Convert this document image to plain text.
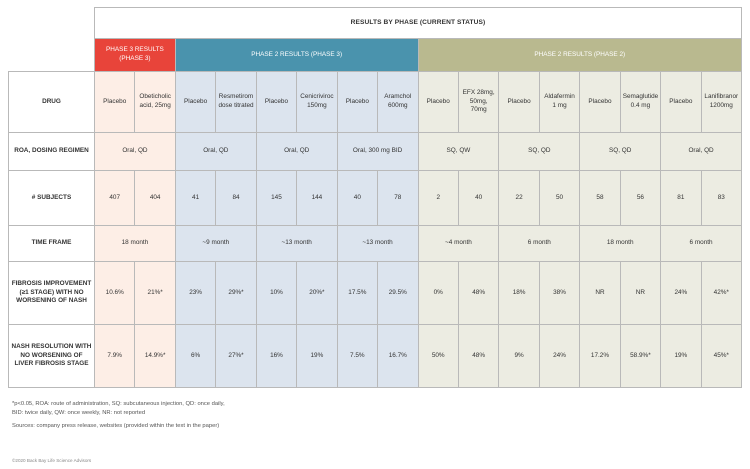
	RESULTS BY PHASE (CURRENT STATUS)															
	PHASE 3 RESULTS (PHASE 3)		PHASE 2 RESULTS (PHASE 3)						PHASE 2 RESULTS (PHASE 2)							
DRUG	Placebo	Obeticholic acid, 25mg	Placebo	Resmetirom dose titrated	Placebo	Cenicriviroc 150mg	Placebo	Aramchol 600mg	Placebo	EFX 28mg, 50mg, 70mg	Placebo	Aldafermin 1 mg	Placebo	Semaglutide 0.4 mg	Placebo	Lanifibranor 1200mg
ROA, DOSING REGIMEN	Oral, QD		Oral, QD		Oral, QD		Oral, 300 mg BID		SQ, QW		SQ, QD		SQ, QD		Oral, QD	
# SUBJECTS	407	404	41	84	145	144	40	78	2	40	22	50	58	56	81	83
TIME FRAME	18 month		~9 month		~13 month		~13 month		~4 month		6 month		18 month		6 month	
FIBROSIS IMPROVEMENT (≥1 STAGE) WITH NO WORSENING OF NASH	10.6%	21%*	23%	29%*	10%	20%*	17.5%	29.5%	0%	48%	18%	38%	NR	NR	24%	42%*
NASH RESOLUTION WITH NO WORSENING OF LIVER FIBROSIS STAGE	7.9%	14.9%*	6%	27%*	16%	19%	7.5%	16.7%	50%	48%	9%	24%	17.2%	58.9%*	19%	45%*
*p<0.05, ROA: route of administration, SQ: subcutaneous injection, QD: once daily,
BID: twice daily, QW: once weekly, NR: not reported
Sources: company press release, websites (provided within the text in the paper)
©2020 Back Bay Life Science Advisors
